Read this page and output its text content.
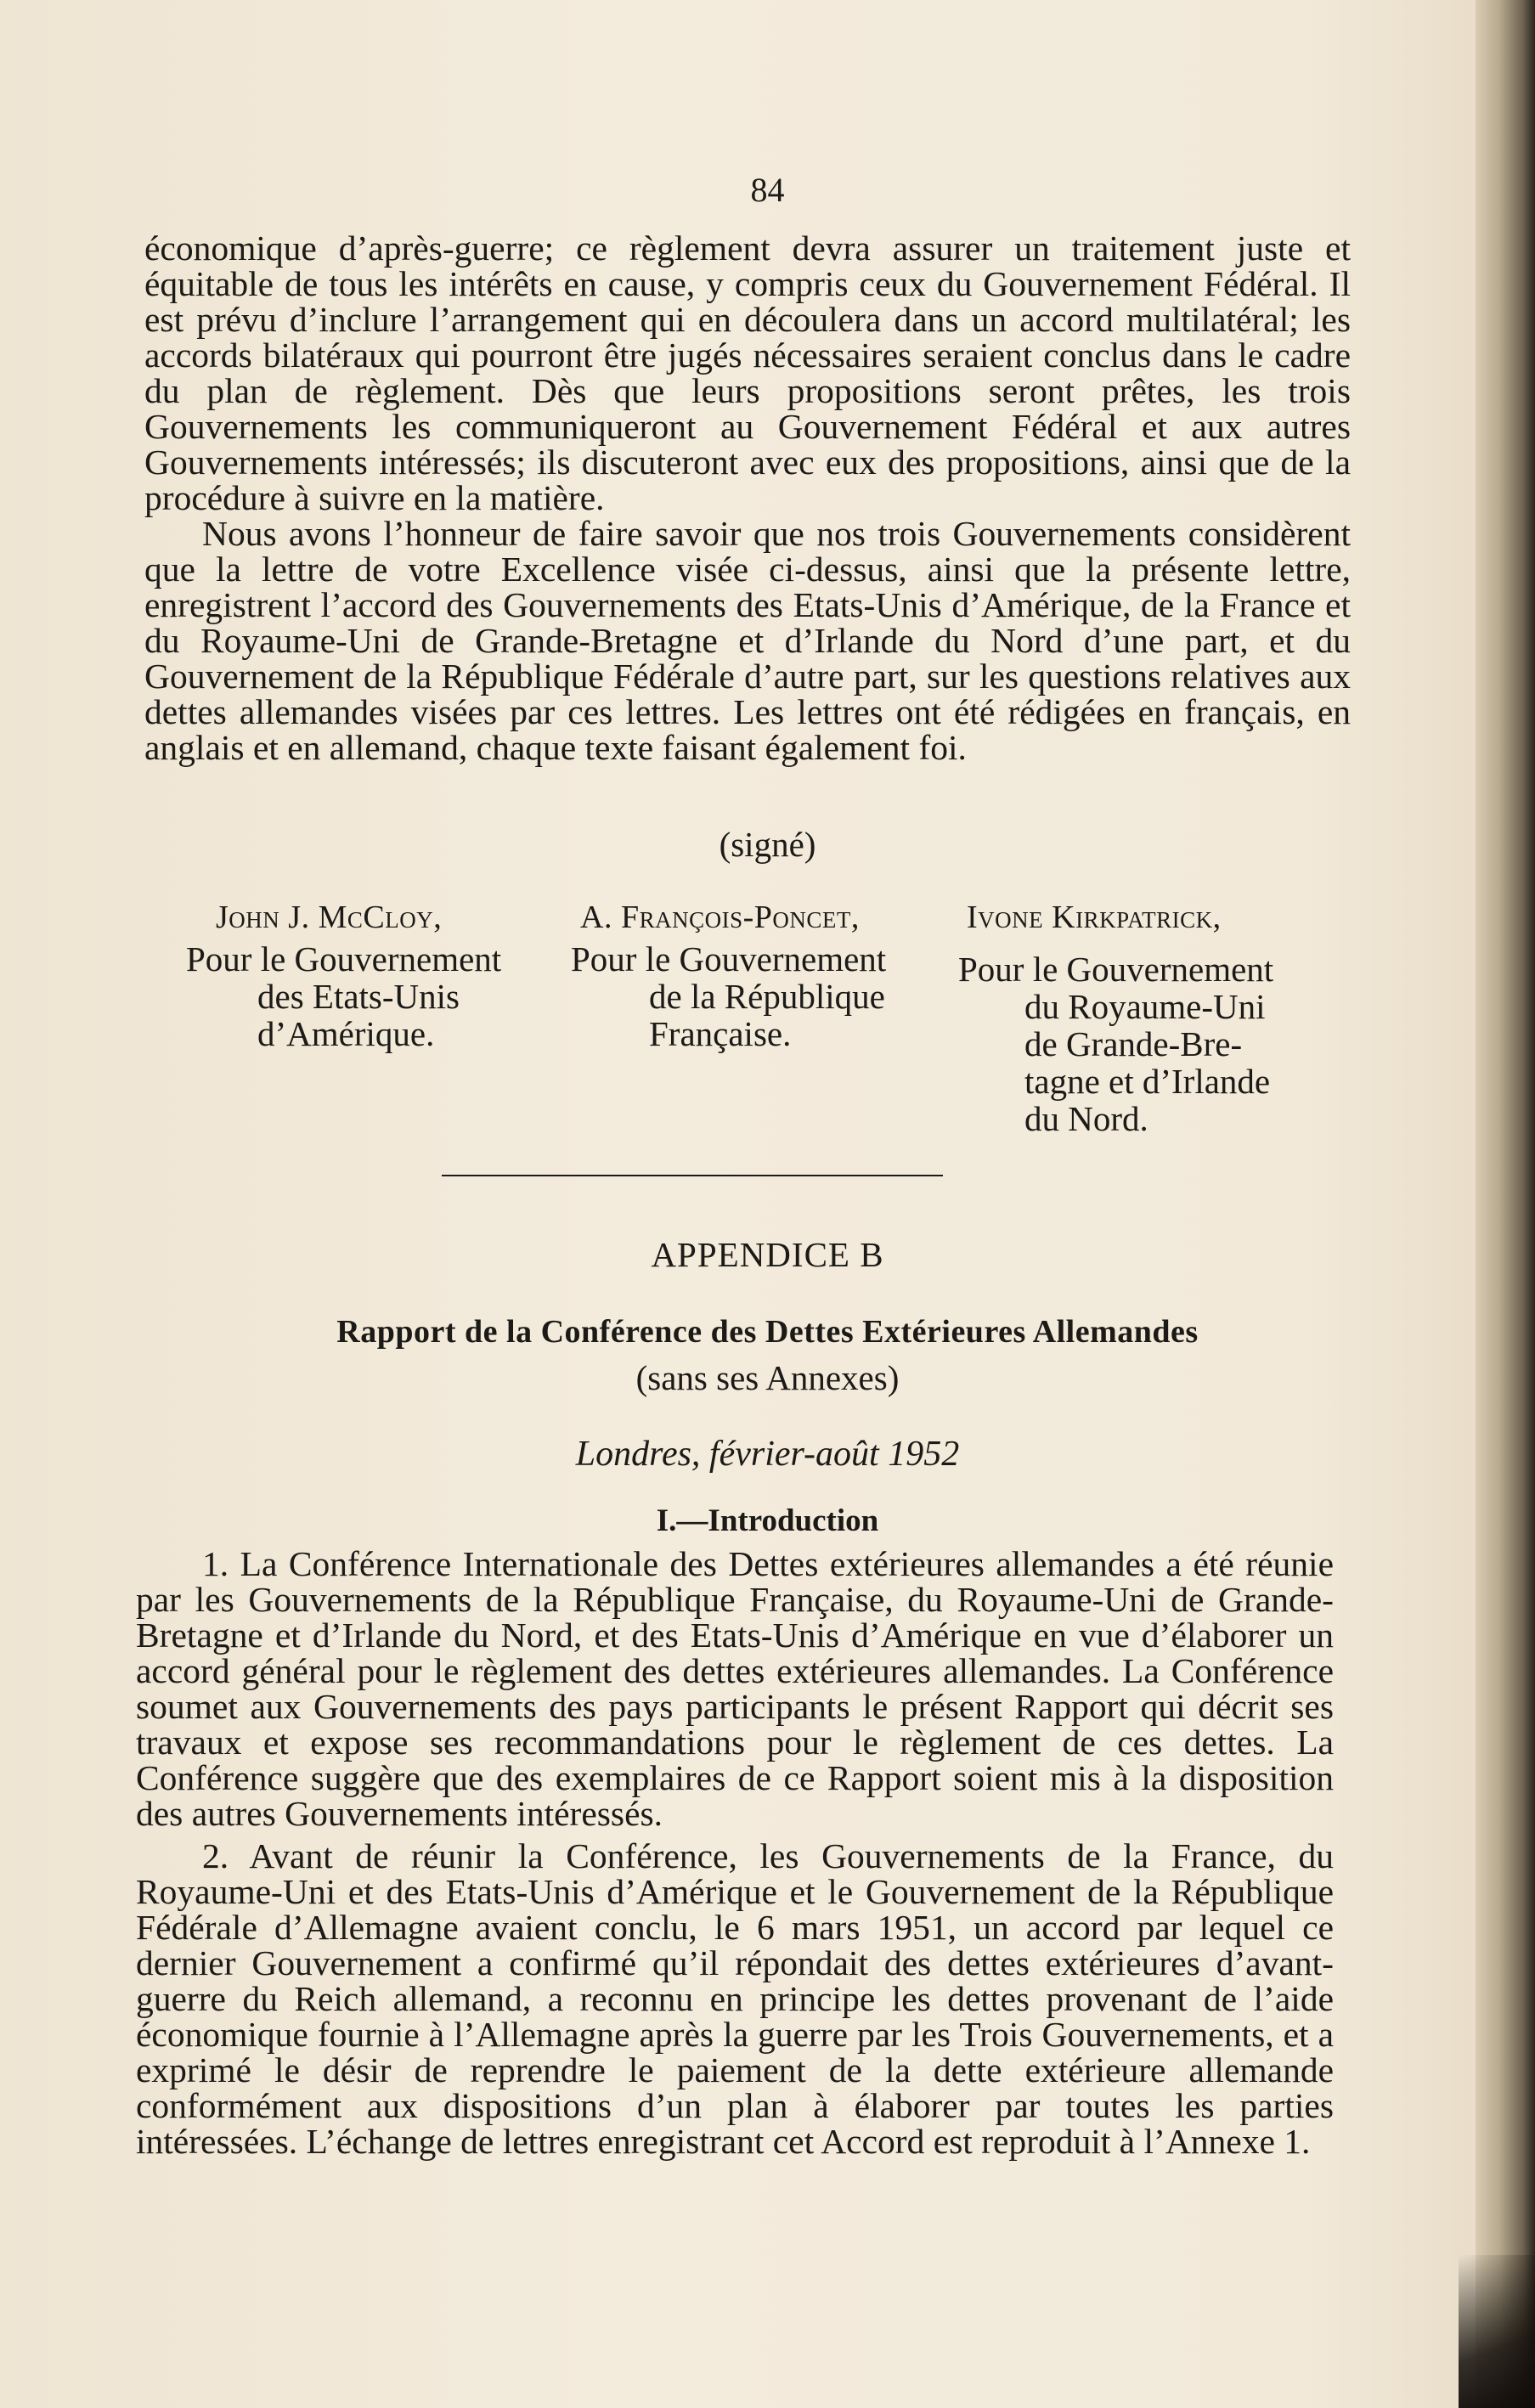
84

économique d’après-guerre; ce règlement devra assurer un traitement juste et équitable de tous les intérêts en cause, y compris ceux du Gouvernement Fédéral. Il est prévu d’inclure l’arrangement qui en découlera dans un accord multilatéral; les accords bilatéraux qui pourront être jugés nécessaires seraient conclus dans le cadre du plan de règlement. Dès que leurs propositions seront prêtes, les trois Gouvernements les communiqueront au Gouvernement Fédéral et aux autres Gouvernements intéressés; ils discuteront avec eux des propositions, ainsi que de la procédure à suivre en la matière.

Nous avons l’honneur de faire savoir que nos trois Gouvernements considèrent que la lettre de votre Excellence visée ci-dessus, ainsi que la présente lettre, enregistrent l’accord des Gouvernements des Etats-Unis d’Amérique, de la France et du Royaume-Uni de Grande-Bretagne et d’Irlande du Nord d’une part, et du Gouvernement de la République Fédérale d’autre part, sur les questions relatives aux dettes allemandes visées par ces lettres. Les lettres ont été rédigées en français, en anglais et en allemand, chaque texte faisant également foi.

(signé)
John J. McCloy,
Pour le Gouvernement
des Etats-Unis
d’Amérique.
A. François-Poncet,
Pour le Gouvernement
de la République
Française.
Ivone Kirkpatrick,
Pour le Gouvernement
du Royaume-Uni
de Grande-Bre-
tagne et d’Irlande
du Nord.
APPENDICE B
Rapport de la Conférence des Dettes Extérieures Allemandes
(sans ses Annexes)
Londres, février-août 1952
I.—Introduction

1. La Conférence Internationale des Dettes extérieures allemandes a été réunie par les Gouvernements de la République Française, du Royaume-Uni de Grande-Bretagne et d’Irlande du Nord, et des Etats-Unis d’Amérique en vue d’élaborer un accord général pour le règlement des dettes extérieures allemandes. La Conférence soumet aux Gouvernements des pays participants le présent Rapport qui décrit ses travaux et expose ses recommandations pour le règlement de ces dettes. La Conférence suggère que des exemplaires de ce Rapport soient mis à la disposition des autres Gouvernements intéressés.

2. Avant de réunir la Conférence, les Gouvernements de la France, du Royaume-Uni et des Etats-Unis d’Amérique et le Gouvernement de la République Fédérale d’Allemagne avaient conclu, le 6 mars 1951, un accord par lequel ce dernier Gouvernement a confirmé qu’il répondait des dettes extérieures d’avant-guerre du Reich allemand, a reconnu en principe les dettes provenant de l’aide économique fournie à l’Allemagne après la guerre par les Trois Gouvernements, et a exprimé le désir de reprendre le paiement de la dette extérieure allemande conformément aux dispositions d’un plan à élaborer par toutes les parties intéressées. L’échange de lettres enregistrant cet Accord est reproduit à l’Annexe 1.
